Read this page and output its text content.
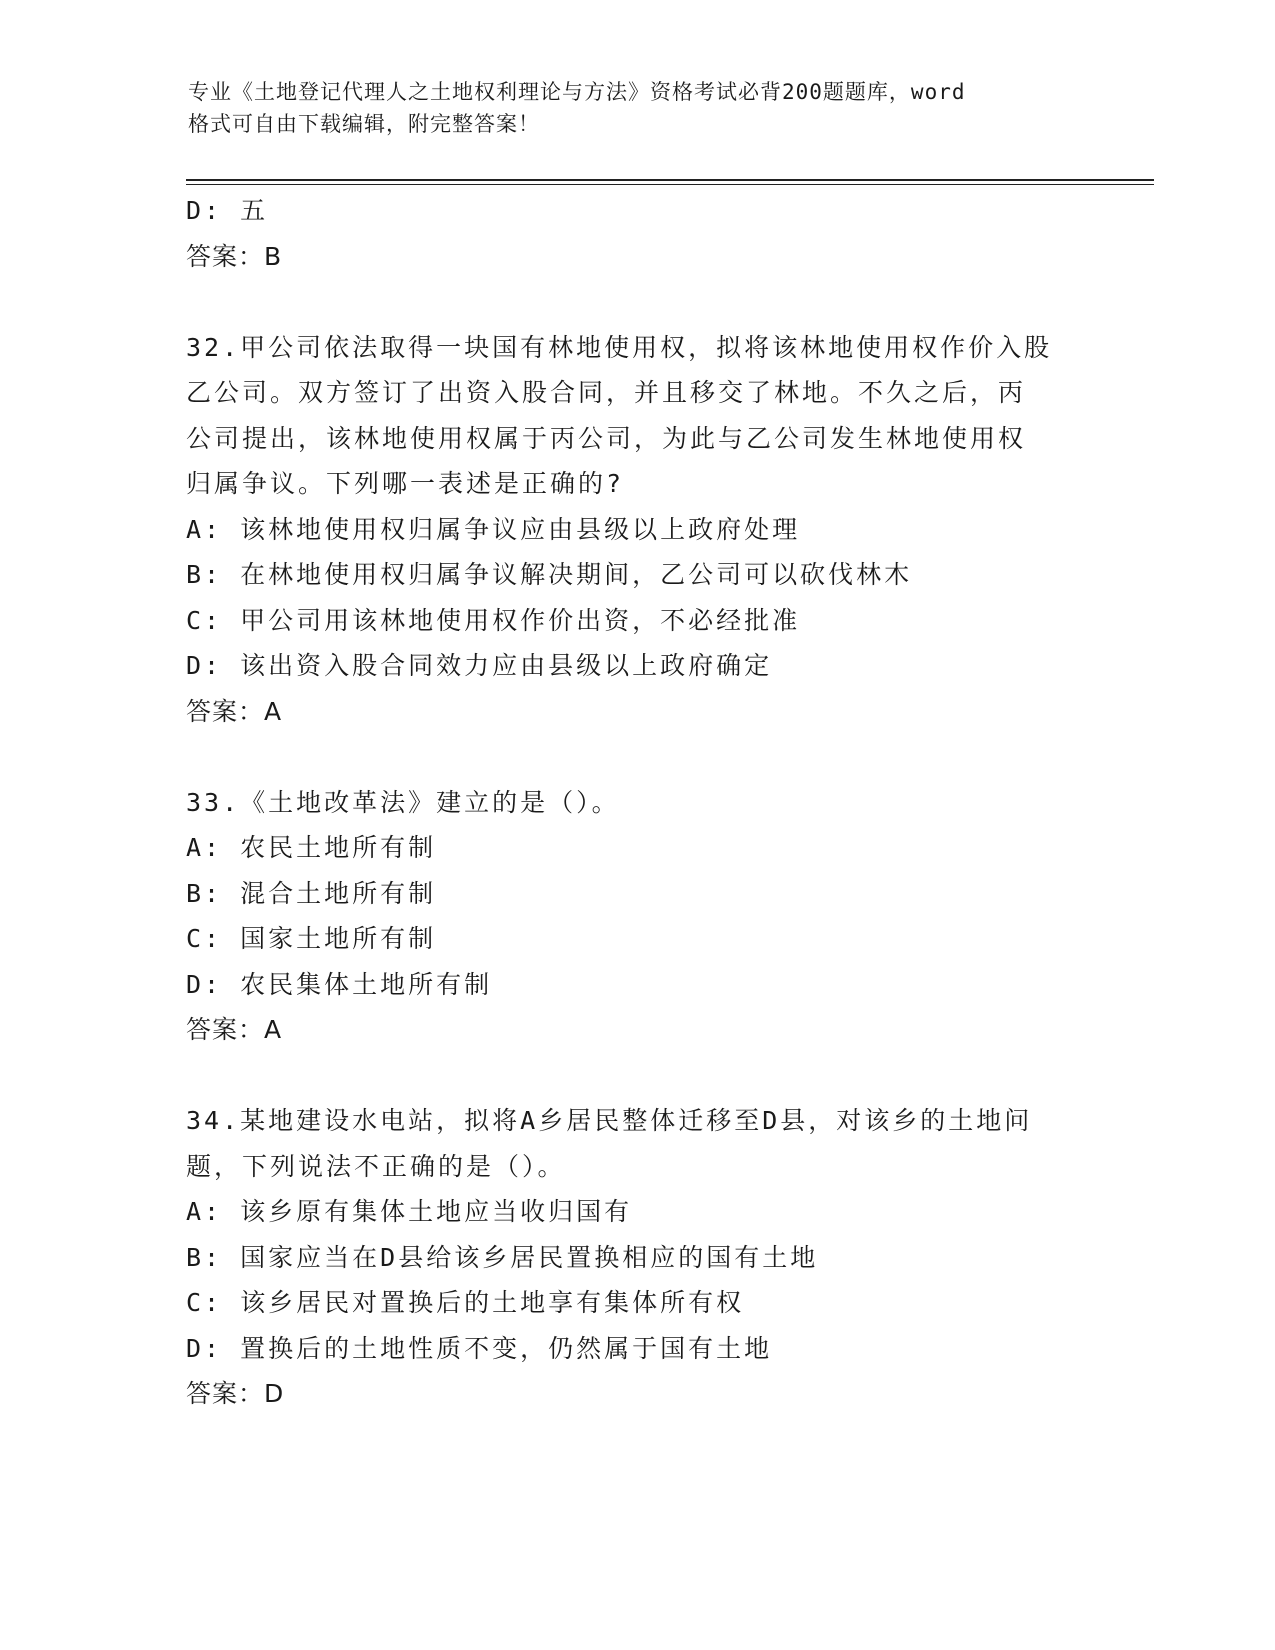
专业《土地登记代理人之土地权利理论与方法》资格考试必背200题题库，word
格式可自由下载编辑，附完整答案！
D: 五
答案：B
32.甲公司依法取得一块国有林地使用权，拟将该林地使用权作价入股
乙公司。双方签订了出资入股合同，并且移交了林地。不久之后，丙
公司提出，该林地使用权属于丙公司，为此与乙公司发生林地使用权
归属争议。下列哪一表述是正确的?
A: 该林地使用权归属争议应由县级以上政府处理
B: 在林地使用权归属争议解决期间，乙公司可以砍伐林木
C: 甲公司用该林地使用权作价出资，不必经批准
D: 该出资入股合同效力应由县级以上政府确定
答案：A
33.《土地改革法》建立的是（）。
A: 农民土地所有制
B: 混合土地所有制
C: 国家土地所有制
D: 农民集体土地所有制
答案：A
34.某地建设水电站，拟将A乡居民整体迁移至D县，对该乡的土地问
题，下列说法不正确的是（）。
A: 该乡原有集体土地应当收归国有
B: 国家应当在D县给该乡居民置换相应的国有土地
C: 该乡居民对置换后的土地享有集体所有权
D: 置换后的土地性质不变，仍然属于国有土地
答案：D
